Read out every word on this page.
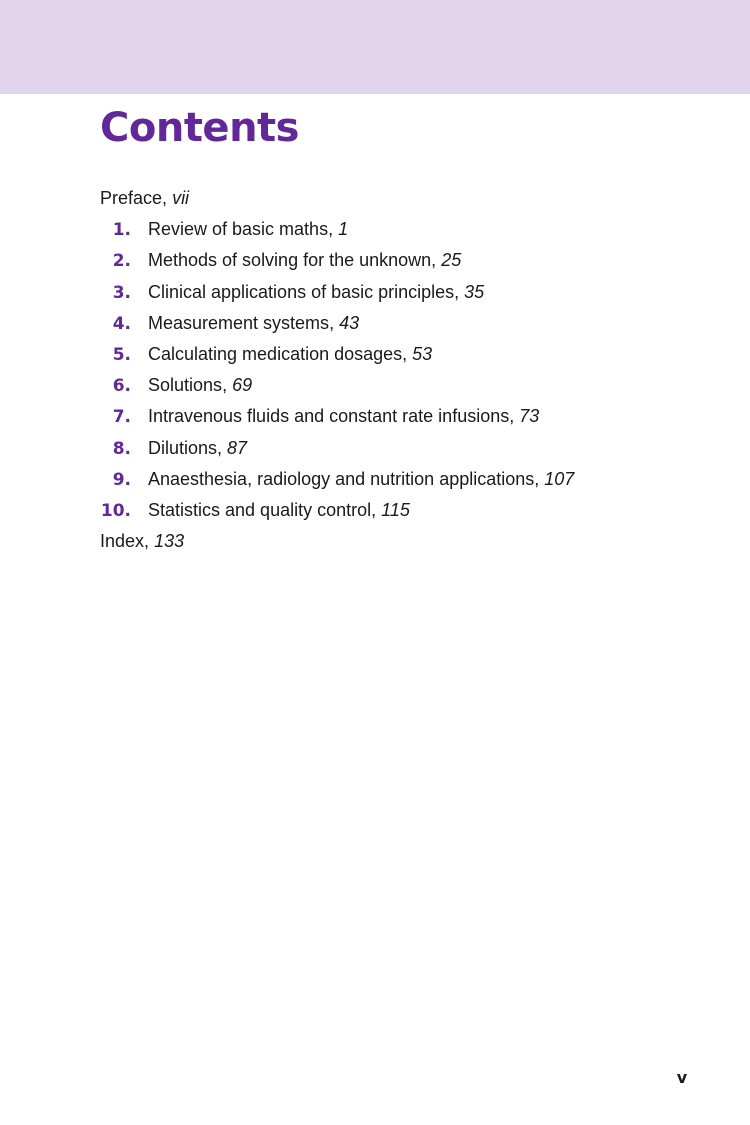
Contents
Preface, vii
1. Review of basic maths, 1
2. Methods of solving for the unknown, 25
3. Clinical applications of basic principles, 35
4. Measurement systems, 43
5. Calculating medication dosages, 53
6. Solutions, 69
7. Intravenous fluids and constant rate infusions, 73
8. Dilutions, 87
9. Anaesthesia, radiology and nutrition applications, 107
10. Statistics and quality control, 115
Index, 133
v
